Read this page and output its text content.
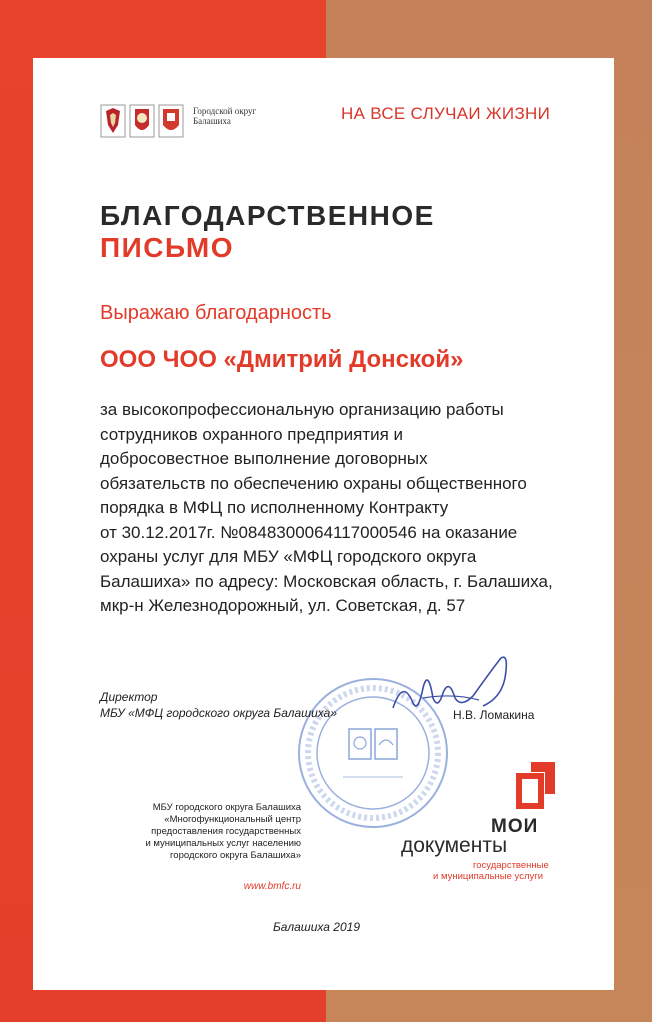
Городской округ
Балашиха	НА ВСЕ СЛУЧАИ ЖИЗНИ
БЛАГОДАРСТВЕННОЕ
ПИСЬМО
Выражаю благодарность
ООО ЧОО «Дмитрий Донской»
за высокопрофессиональную организацию работы
сотрудников охранного предприятия и
добросовестное выполнение договорных
обязательств по обеспечению охраны общественного
порядка в МФЦ по исполненному Контракту
от 30.12.2017г. №0848300064117000546 на оказание
охраны услуг для МБУ «МФЦ городского округа
Балашиха» по адресу: Московская область, г. Балашиха,
мкр-н Железнодорожный, ул. Советская, д. 57
Директор
МБУ «МФЦ городского округа Балашиха»	Н.В. Ломакина
МБУ городского округа Балашиха
«Многофункциональный центр
предоставления государственных
и муниципальных услуг населению
городского округа Балашиха»
www.bmfc.ru
МОИ
документы
государственные
и муниципальные услуги
Балашиха 2019
